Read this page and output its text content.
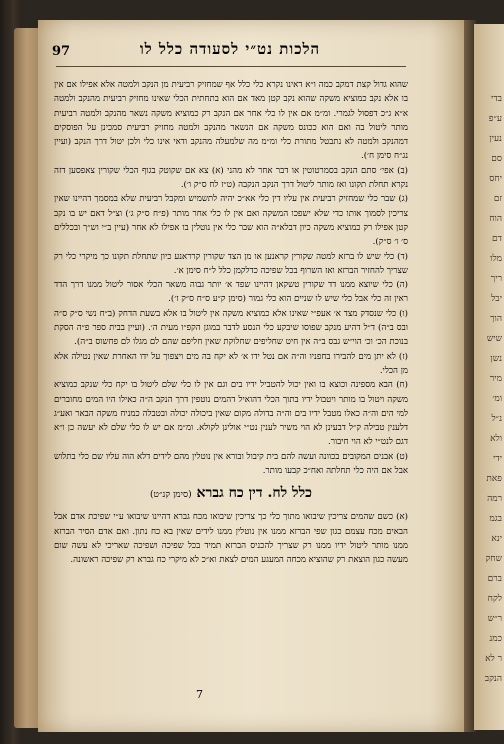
בדי
ע״פ
נעין
סם
יחס
זם
הוח
דם
מלו
ריך
יבל
הוך
שיש
נשן
מיר
ומ׳
נ״ל
ולא
ידי
פאת
רמה
בגמ
ינא
שחק
ברם
לקח
ר״ש
כמנ
ר לא
הנקב
97	הלכות נט״י לסעודה כלל לו

שהוא גדול קצת דמקב כמה ו״א דאינו נקרא כלי כלל אף שמחזיק רביעית מן הנקב ולמטה אלא אפילו אם אין בו אלא נקב כמוציא משקה שהוא נקב קטן מאד אם הוא בתחתית הכלי שאינו מחזיק רביעית מהנקב ולמטה א״א ג״כ דפסול לגמרי. ומ״מ אם אין לו כלי אחר אם הנקב רק כמוציא משקה נשאר מהנקב ולמטה רביעית מותר ליטול בה ואם הוא ככונס משקה אם הנשאר מהנקב ולמטה מחזיק רביעית סמכינן על הפוסקים דמהנקב ולמטה לא נתבטל מתורת כלי ומ״מ מה שלמעלה מהנקב ודאי אינו כלי ולכן יטול דרך הנקב (ועיין נג״ח סימן ח׳).

(ב) אפי׳ סתם הנקב בסמרטוטין או דבר אחר לא מהני (א) צא אם שקוטק בגוף הכלי שקורין צאפסען דזה נקרא תחלת תקונו ואז מותר ליטול דרך הנקב הנקבה (ט״ז לח ס״ק ו׳).

(ג) שבר כלי שמחזיק רביעית אין עליו דין כלי אא״כ יהיה לתשמיש ומקבל רביעית שלא במסמך דהיינו שאין צריכין לסמוך אותו כדי שלא ישפכו המשקה ואם אין לו כלי אחר מותר (פ״ח ס״ק ג׳) וצ״ל דאם יש בו נקב קטן אפילו רק כמוציא משקה כיון דבלא״ה הוא שבר כלי אין נוטלין בו אפילו לא אחר (עיין ב״י וש״ך ובכללים ס׳ ו׳ ס״ק).

(ד) כלי שיש לו ברזא למטה שקורין קראנען או מן הצד שקורין קרראנע כיון שתחלת תקונו כך מיקרי כלי רק שצריך להחזיר הברזא ואז השרוף בכל שפיכה כדלקמן כלל ל״ח סימן א׳.

(ה) כלי שיוצא ממנו דד שקורין טשקאן דהיינו שפד א׳ יותר גבוה משאר הכלי אסור ליטול ממנו דרך הדד ראין זה כלי אבל כלי שיש לו שניים הוא כלי גמור (סימן ק״ע ס״ח ס״ק ז׳).

(ו) כלי שנסדק מצד א׳ אעפ״י שאינו אלא כמוציא משקה אין ליטול בו אלא בשעת הדחק (ב״ח נשי ס״ק ס״ה ובס ב״ה) ד״ל דהיע מנקב שפוסו שיבקע כלי הנסע לדבר במוגן הקפ״ו מעית ה׳. (ועיין בבית ספר פ״ה הסקת בנוכת הכ׳ וכ׳ הוי״ש גבס ב״ה אין חיט שחליפים שחלוקת שאין חליפם שהם לם מגלו לם פחשוס ב״ה).

(ז) לא יתן מים להבירו בחפניו וה״ה אם נטל ידו א׳ לא יקח בה מים ויצפוך על ידו האחרת שאין נטילה אלא מן הכלי.

(ח) הבא מספינה וכוצא בו ואין יכול להטביל ידיו בים וגם אין לו כלי שלם ליטול בו יקח כלי שנקב כמוציא משקה ויטול בו מותר ויטבול ידיו בתוך הכלי דהואיל דהמים נוטפין דרך הנקב ה״ה כאילו היו המים מחוברים למי הים וה״ה כאלו מטבל ידיו בים וה״ה בדולה מקום שאין ביכולה יכולה ובטבלה כמניח משקה הבאר ואע״ג דלענין טבילה ק״ל דבעינן לא הוי משיר לענין נט״י אולינן לקולא. ומ״מ אם יש לו כלי שלם לא יעשה כן ו״א דגם לנט״י לא הוי חיבור.

(ט) אבנים המקובים בכוונה ועשה להם בית קיבול ובורא אין נוטלין מהם לידים דלא הוה עליו שם כלי בתלוש אבל אם היה כלי תחלתה ואח״כ קבעו מותר.

כלל לח. דין כח גברא (סימן קנ״ט)

(א) כשם שהמים צריכין שיבואו מתוך כלי כך צריכין שיבואו מכח גברא דהיינו שיבואו ע״י שפיכת אדם אבל הבאים מכח עצמם כגון שפי הברזא ממנו אין נוטלין ממנו לידים שאין בא כח נתון. ואם אדם הסיר הברזא ממנו מותר ליטול ידיו ממנו רק שצריך להכניס הברזא תמיד בכל שפיכה ושפיכה שאריכי לא עשה שום מעשה כגון הוצאת רק שהוציא מכחה המעגע המים לצאת וא״כ לא מיקרי כח גברא רק שפיכה ראשונה.

7
